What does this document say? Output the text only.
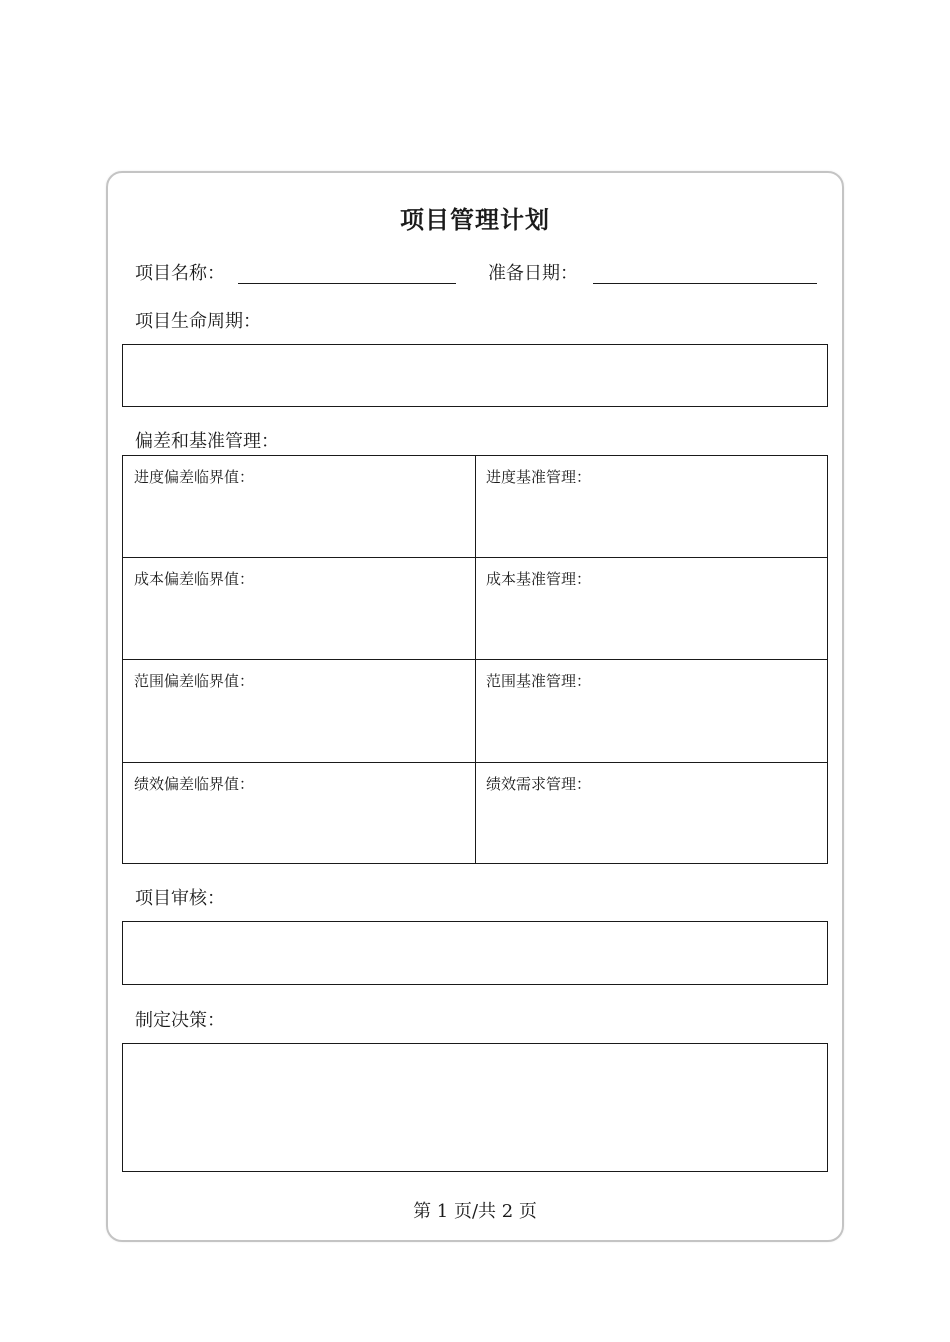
项目管理计划
项目名称：	准备日期：
项目生命周期：
偏差和基准管理：
进度偏差临界值：	进度基准管理：
成本偏差临界值：	成本基准管理：
范围偏差临界值：	范围基准管理：
绩效偏差临界值：	绩效需求管理：
项目审核：
制定决策：
第 1 页/共 2 页
